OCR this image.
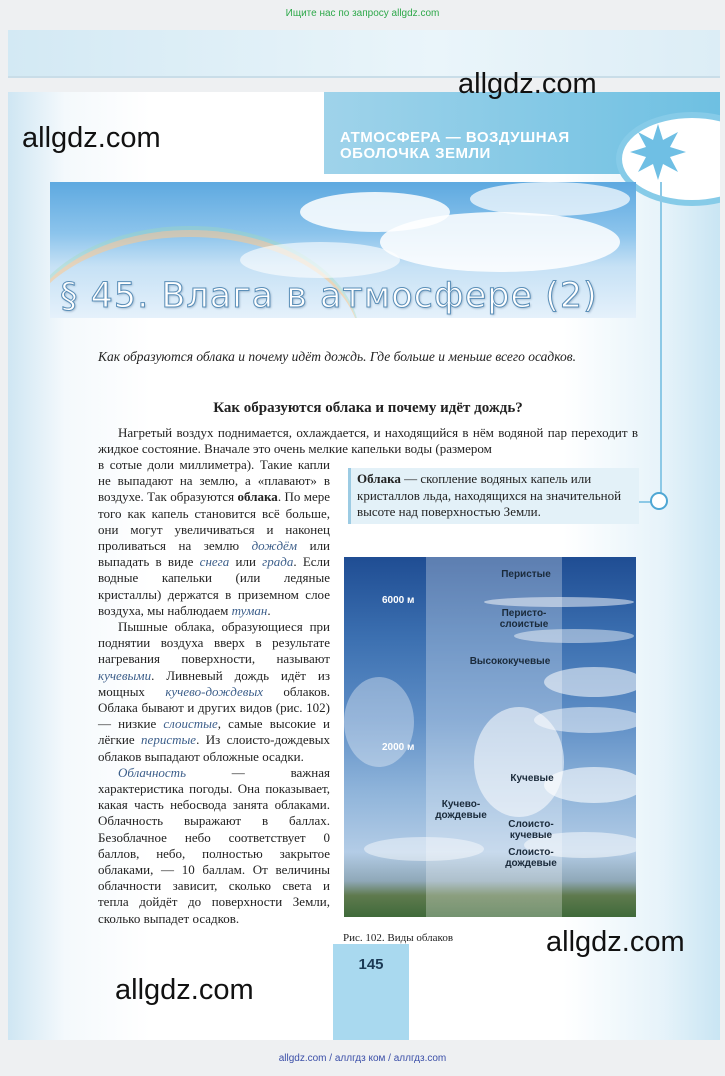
Ищите нас по запросу allgdz.com
АТМОСФЕРА — ВОЗДУШНАЯ ОБОЛОЧКА ЗЕМЛИ
§ 45. Влага в атмосфере (2)
Как образуются облака и почему идёт дождь. Где больше и меньше всего осадков.
Как образуются облака и почему идёт дождь?
Нагретый воздух поднимается, охлаждается, и находящийся в нём водяной пар переходит в жидкое состояние. Вначале это очень мелкие капельки воды (размером

в сотые доли миллиметра). Такие капли не выпадают на землю, а «плавают» в воздухе. Так образуются облака. По мере того как капель становится всё больше, они могут увеличиваться и наконец проливаться на землю дождём или выпадать в виде снега или града. Если водные капельки (или ледяные кристаллы) держатся в приземном слое воздуха, мы наблюдаем туман.

Пышные облака, образующиеся при поднятии воздуха вверх в результате нагревания поверхности, называют кучевыми. Ливневый дождь идёт из мощных кучево-дождевых облаков. Облака бывают и других видов (рис. 102) — низкие слоистые, самые высокие и лёгкие перистые. Из слоисто-дождевых облаков выпадают обложные осадки.

Облачность	— важная характеристика погоды. Она показывает, какая часть небосвода занята облаками. Облачность выражают в баллах. Безоблачное небо соответствует 0 баллов, небо, полностью закрытое облаками, — 10 баллам. От величины облачности зависит, сколько света и тепла дойдёт до поверхности Земли, сколько выпадет осадков.

Облака — скопление водяных капель или кристаллов льда, находящихся на значительной высоте над поверхностью Земли.
6000 м
2000 м
Перистые
Перисто-слоистые
Высококучевые
Кучевые
Кучево-дождевые
Слоисто-кучевые
Слоисто-дождевые
Рис. 102. Виды облаков
145
allgdz.com
allgdz.com
allgdz.com
allgdz.com
allgdz.com / аллгдз ком / аллгдз.com
